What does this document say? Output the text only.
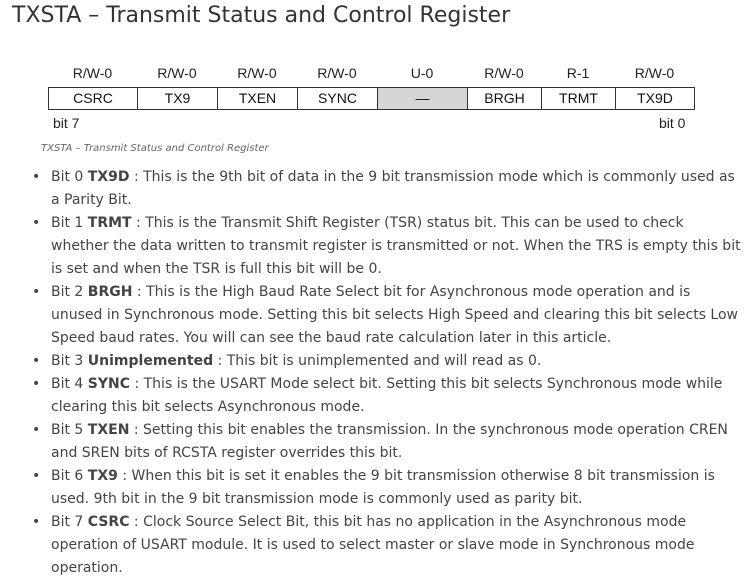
TXSTA – Transmit Status and Control Register
R/W-0	R/W-0	R/W-0	R/W-0	U-0	R/W-0	R-1	R/W-0
CSRC	TX9	TXEN	SYNC	—	BRGH	TRMT	TX9D
bit 7	bit 0
TXSTA – Transmit Status and Control Register
• Bit 0 TX9D : This is the 9th bit of data in the 9 bit transmission mode which is commonly used as a Parity Bit.
• Bit 1 TRMT : This is the Transmit Shift Register (TSR) status bit. This can be used to check whether the data written to transmit register is transmitted or not. When the TRS is empty this bit is set and when the TSR is full this bit will be 0.
• Bit 2 BRGH : This is the High Baud Rate Select bit for Asynchronous mode operation and is unused in Synchronous mode. Setting this bit selects High Speed and clearing this bit selects Low Speed baud rates. You will can see the baud rate calculation later in this article.
• Bit 3 Unimplemented : This bit is unimplemented and will read as 0.
• Bit 4 SYNC : This is the USART Mode select bit. Setting this bit selects Synchronous mode while clearing this bit selects Asynchronous mode.
• Bit 5 TXEN : Setting this bit enables the transmission. In the synchronous mode operation CREN and SREN bits of RCSTA register overrides this bit.
• Bit 6 TX9 : When this bit is set it enables the 9 bit transmission otherwise 8 bit transmission is used. 9th bit in the 9 bit transmission mode is commonly used as parity bit.
• Bit 7 CSRC : Clock Source Select Bit, this bit has no application in the Asynchronous mode operation of USART module. It is used to select master or slave mode in Synchronous mode operation.
